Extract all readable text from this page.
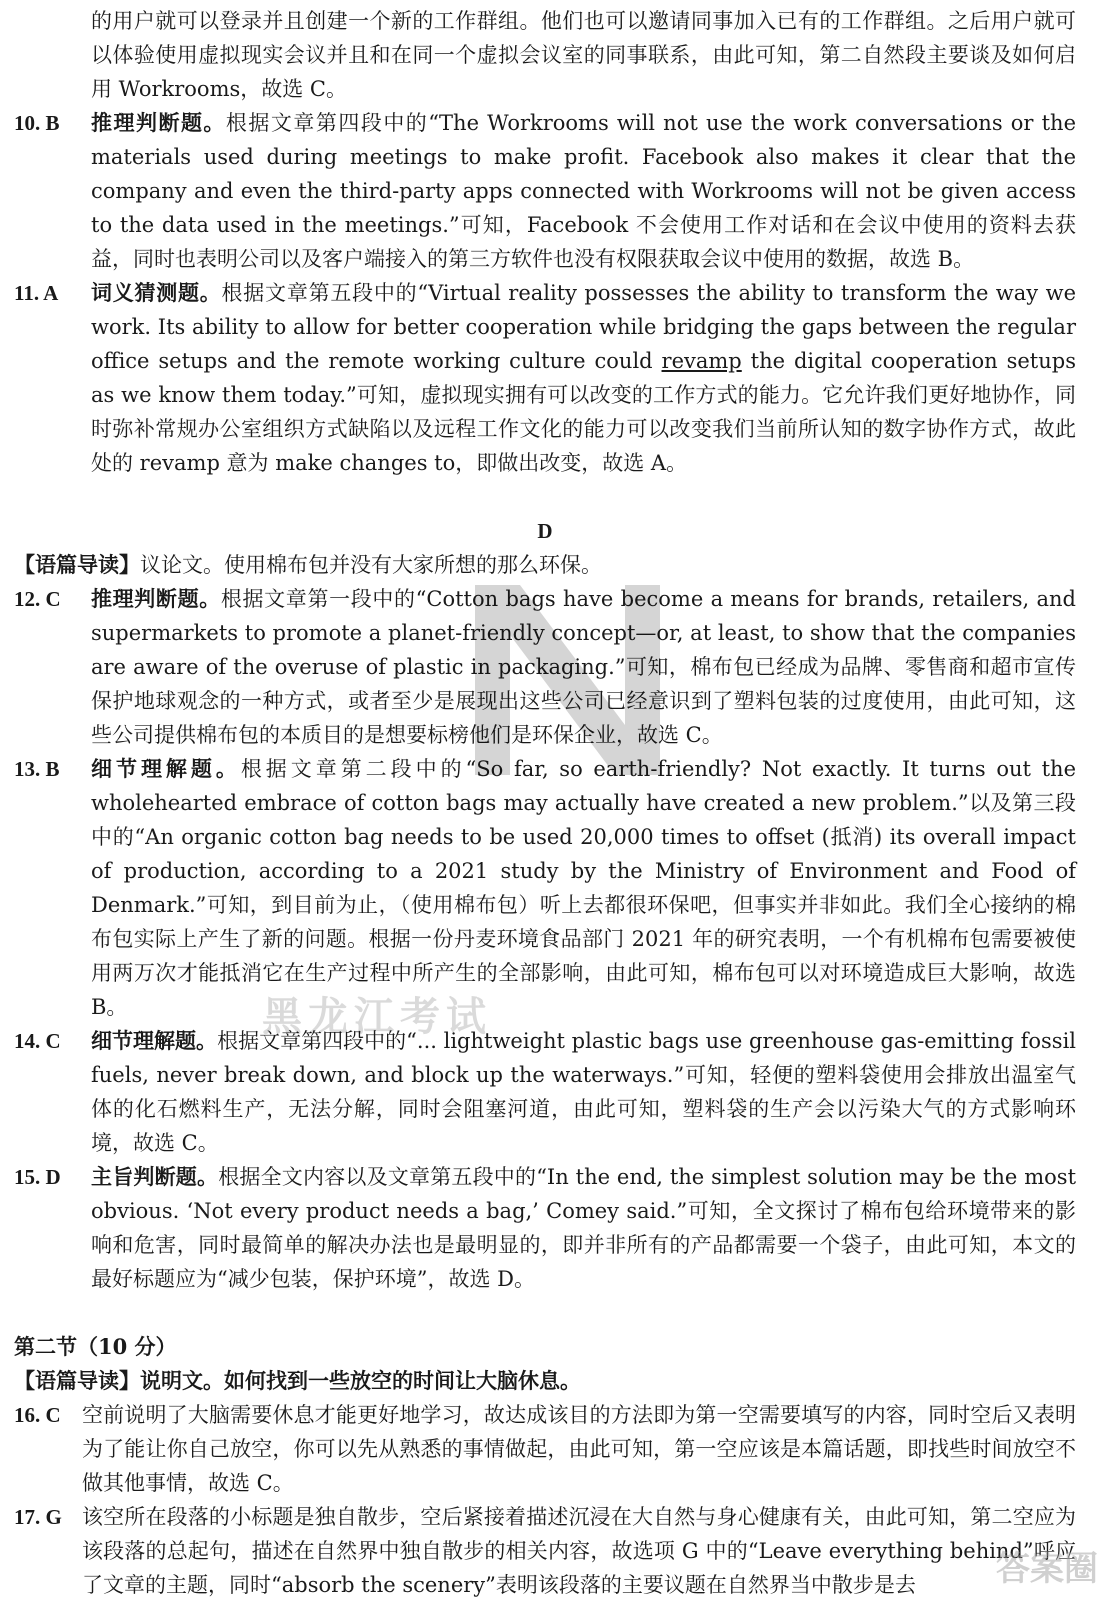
的用户就可以登录并且创建一个新的工作群组。他们也可以邀请同事加入已有的工作群组。之后用户就可以体验使用虚拟现实会议并且和在同一个虚拟会议室的同事联系，由此可知，第二自然段主要谈及如何启用 Workrooms，故选 C。

10. B 推理判断题。根据文章第四段中的“The Workrooms will not use the work conversations or the materials used during meetings to make profit. Facebook also makes it clear that the company and even the third-party apps connected with Workrooms will not be given access to the data used in the meetings.”可知，Facebook 不会使用工作对话和在会议中使用的资料去获益，同时也表明公司以及客户端接入的第三方软件也没有权限获取会议中使用的数据，故选 B。

11. A 词义猜测题。根据文章第五段中的“Virtual reality possesses the ability to transform the way we work. Its ability to allow for better cooperation while bridging the gaps between the regular office setups and the remote working culture could revamp the digital cooperation setups as we know them today.”可知，虚拟现实拥有可以改变的工作方式的能力。它允许我们更好地协作，同时弥补常规办公室组织方式缺陷以及远程工作文化的能力可以改变我们当前所认知的数字协作方式，故此处的 revamp 意为 make changes to，即做出改变，故选 A。

D
【语篇导读】议论文。使用棉布包并没有大家所想的那么环保。

12. C 推理判断题。根据文章第一段中的“Cotton bags have become a means for brands, retailers, and supermarkets to promote a planet-friendly concept—or, at least, to show that the companies are aware of the overuse of plastic in packaging.”可知，棉布包已经成为品牌、零售商和超市宣传保护地球观念的一种方式，或者至少是展现出这些公司已经意识到了塑料包装的过度使用，由此可知，这些公司提供棉布包的本质目的是想要标榜他们是环保企业，故选 C。

13. B 细节理解题。根据文章第二段中的“So far, so earth-friendly? Not exactly. It turns out the wholehearted embrace of cotton bags may actually have created a new problem.”以及第三段中的“An organic cotton bag needs to be used 20,000 times to offset (抵消) its overall impact of production, according to a 2021 study by the Ministry of Environment and Food of Denmark.”可知，到目前为止，（使用棉布包）听上去都很环保吧，但事实并非如此。我们全心接纳的棉布包实际上产生了新的问题。根据一份丹麦环境食品部门 2021 年的研究表明，一个有机棉布包需要被使用两万次才能抵消它在生产过程中所产生的全部影响，由此可知，棉布包可以对环境造成巨大影响，故选 B。

14. C 细节理解题。根据文章第四段中的“... lightweight plastic bags use greenhouse gas-emitting fossil fuels, never break down, and block up the waterways.”可知，轻便的塑料袋使用会排放出温室气体的化石燃料生产，无法分解，同时会阻塞河道，由此可知，塑料袋的生产会以污染大气的方式影响环境，故选 C。

15. D 主旨判断题。根据全文内容以及文章第五段中的“In the end, the simplest solution may be the most obvious. ‘Not every product needs a bag,’ Comey said.”可知，全文探讨了棉布包给环境带来的影响和危害，同时最简单的解决办法也是最明显的，即并非所有的产品都需要一个袋子，由此可知，本文的最好标题应为“减少包装，保护环境”，故选 D。

第二节（10 分）
【语篇导读】说明文。如何找到一些放空的时间让大脑休息。

16. C 空前说明了大脑需要休息才能更好地学习，故达成该目的方法即为第一空需要填写的内容，同时空后又表明为了能让你自己放空，你可以先从熟悉的事情做起，由此可知，第一空应该是本篇话题，即找些时间放空不做其他事情，故选 C。

17. G 该空所在段落的小标题是独自散步，空后紧接着描述沉浸在大自然与身心健康有关，由此可知，第二空应为该段落的总起句，描述在自然界中独自散步的相关内容，故选项 G 中的“Leave everything behind”呼应了文章的主题，同时“absorb the scenery”表明该段落的主要议题在自然界当中散步是去

黑龙江考试
答案圈
